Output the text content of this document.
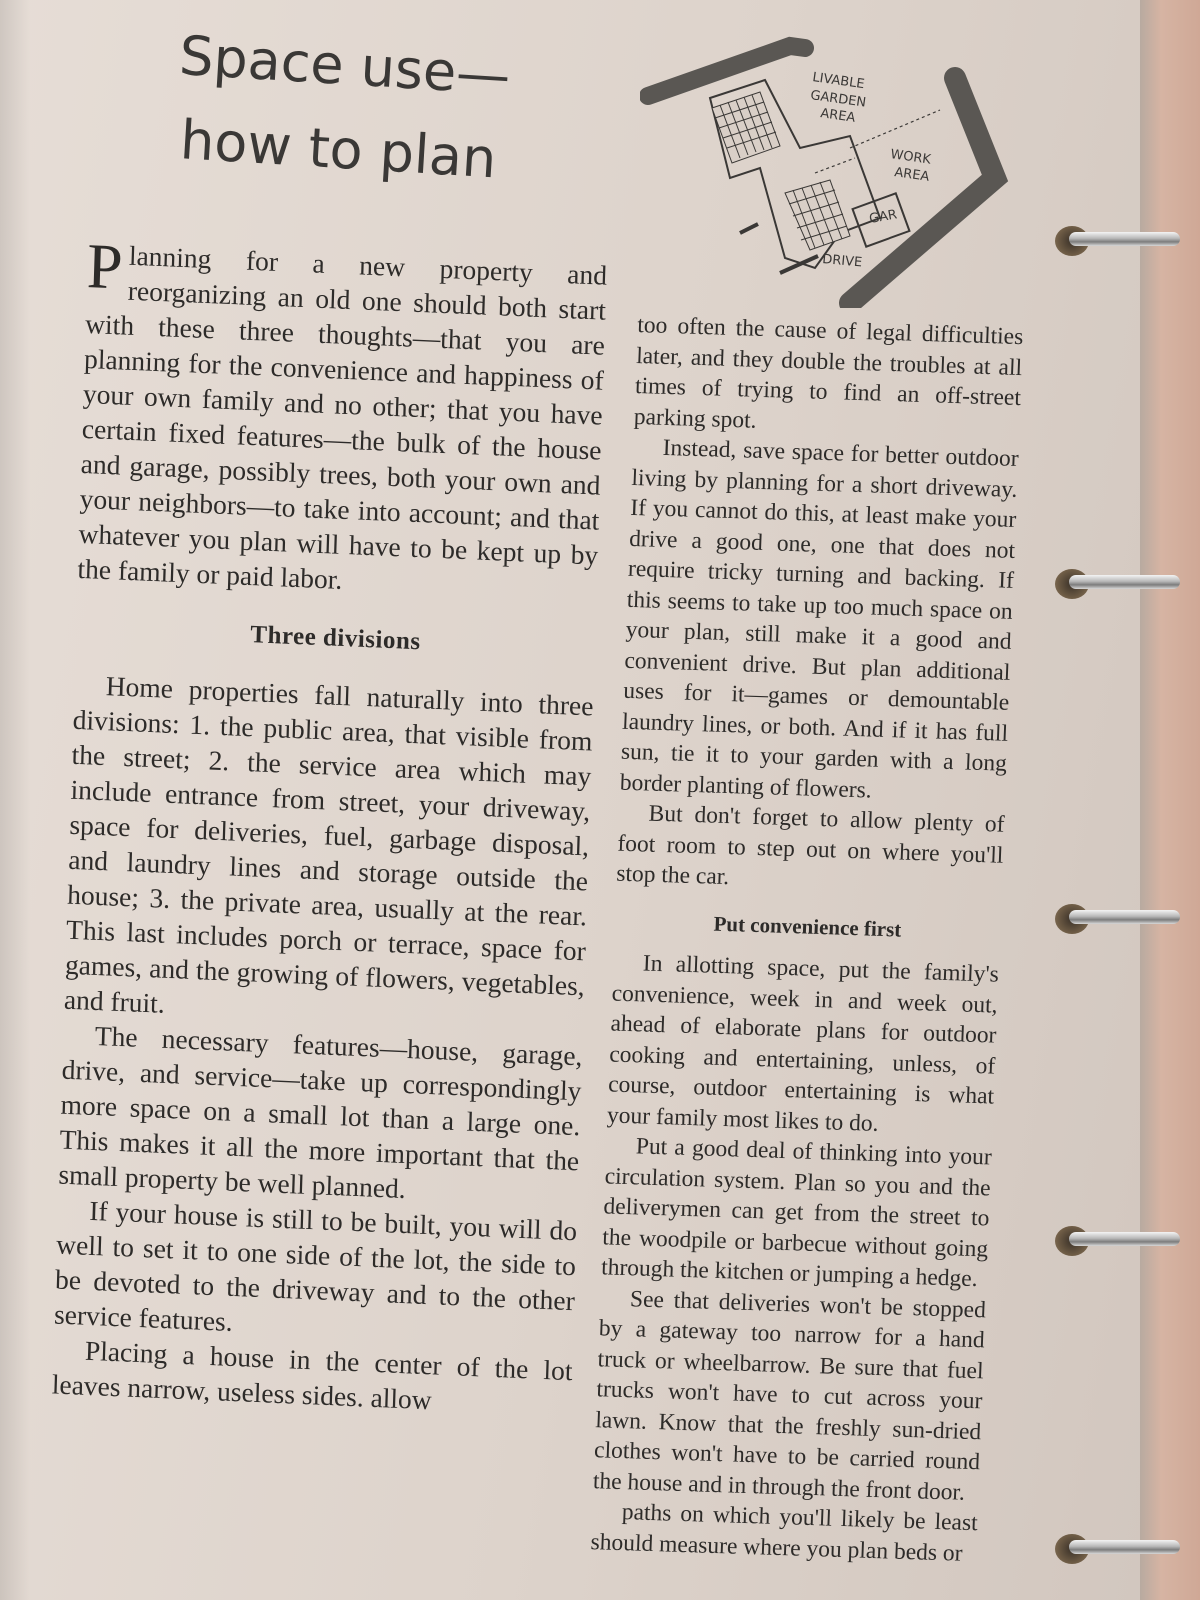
Space use—
how to plan
LIVABLE
GARDEN
AREA
WORK
AREA
GAR
DRIVE

Planning for a new property and reorganizing an old one should both start with these three thoughts—that you are planning for the convenience and happiness of your own family and no other; that you have certain fixed features—the bulk of the house and garage, possibly trees, both your own and your neighbors—to take into account; and that whatever you plan will have to be kept up by the family or paid labor.

Three divisions

Home properties fall naturally into three divisions: 1. the public area, that visible from the street; 2. the service area which may include entrance from street, your driveway, space for deliveries, fuel, garbage disposal, and laundry lines and storage outside the house; 3. the private area, usually at the rear. This last includes porch or terrace, space for games, and the growing of flowers, vegetables, and fruit.

The necessary features—house, garage, drive, and service—take up correspondingly more space on a small lot than a large one. This makes it all the more important that the small property be well planned.

If your house is still to be built, you will do well to set it to one side of the lot, the side to be devoted to the driveway and to the other service features.

Placing a house in the center of the lot leaves narrow, useless sides. allow

too often the cause of legal difficulties later, and they double the troubles at all times of trying to find an off-street parking spot.

Instead, save space for better outdoor living by planning for a short driveway. If you cannot do this, at least make your drive a good one, one that does not require tricky turning and backing. If this seems to take up too much space on your plan, still make it a good and convenient drive. But plan additional uses for it—games or demountable laundry lines, or both. And if it has full sun, tie it to your garden with a long border planting of flowers.

But don't forget to allow plenty of foot room to step out on where you'll stop the car.

Put convenience first

In allotting space, put the family's convenience, week in and week out, ahead of elaborate plans for outdoor cooking and entertaining, unless, of course, outdoor entertaining is what your family most likes to do.

Put a good deal of thinking into your circulation system. Plan so you and the deliverymen can get from the street to the woodpile or barbecue without going through the kitchen or jumping a hedge.

See that deliveries won't be stopped by a gateway too narrow for a hand truck or wheelbarrow. Be sure that fuel trucks won't have to cut across your lawn. Know that the freshly sun-dried clothes won't have to be carried round the house and in through the front door.

paths on which you'll likely be least should measure where you plan beds or
